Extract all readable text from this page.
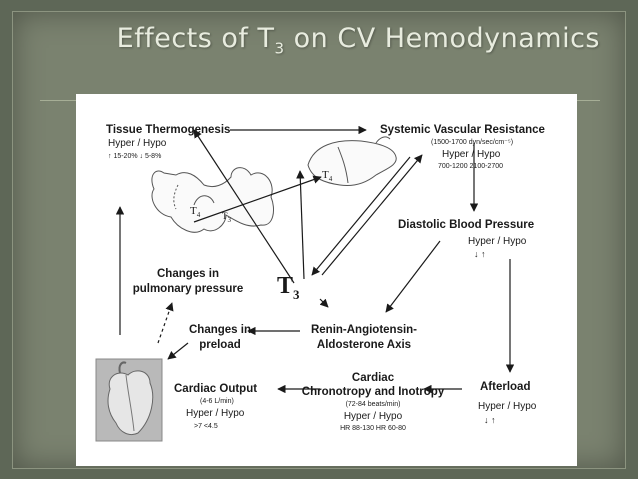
Effects of $T_3$ on CV Hemodynamics
Tissue Thermogenesis
Hyper / Hypo
↑ 15-20% ↓ 5-8%
Systemic Vascular Resistance
(1500-1700 dyn/sec/cm⁻⁵)
Hyper / Hypo
700-1200 2100-2700
$T_4$
$T_4$ $T_3$	Diastolic Blood Pressure
Hyper / Hypo
↓ ↑
Changes in
pulmonary pressure $T_3$
Changes in
preload
Renin-Angiotensin-
Aldosterone Axis
Cardiac Output
(4-6 L/min)
Hyper / Hypo
>7 <4.5
Cardiac
Chronotropy and Inotropy
(72-84 beats/min)
Hyper / Hypo
HR 88-130 HR 60-80
Afterload
Hyper / Hypo
↓ ↑
